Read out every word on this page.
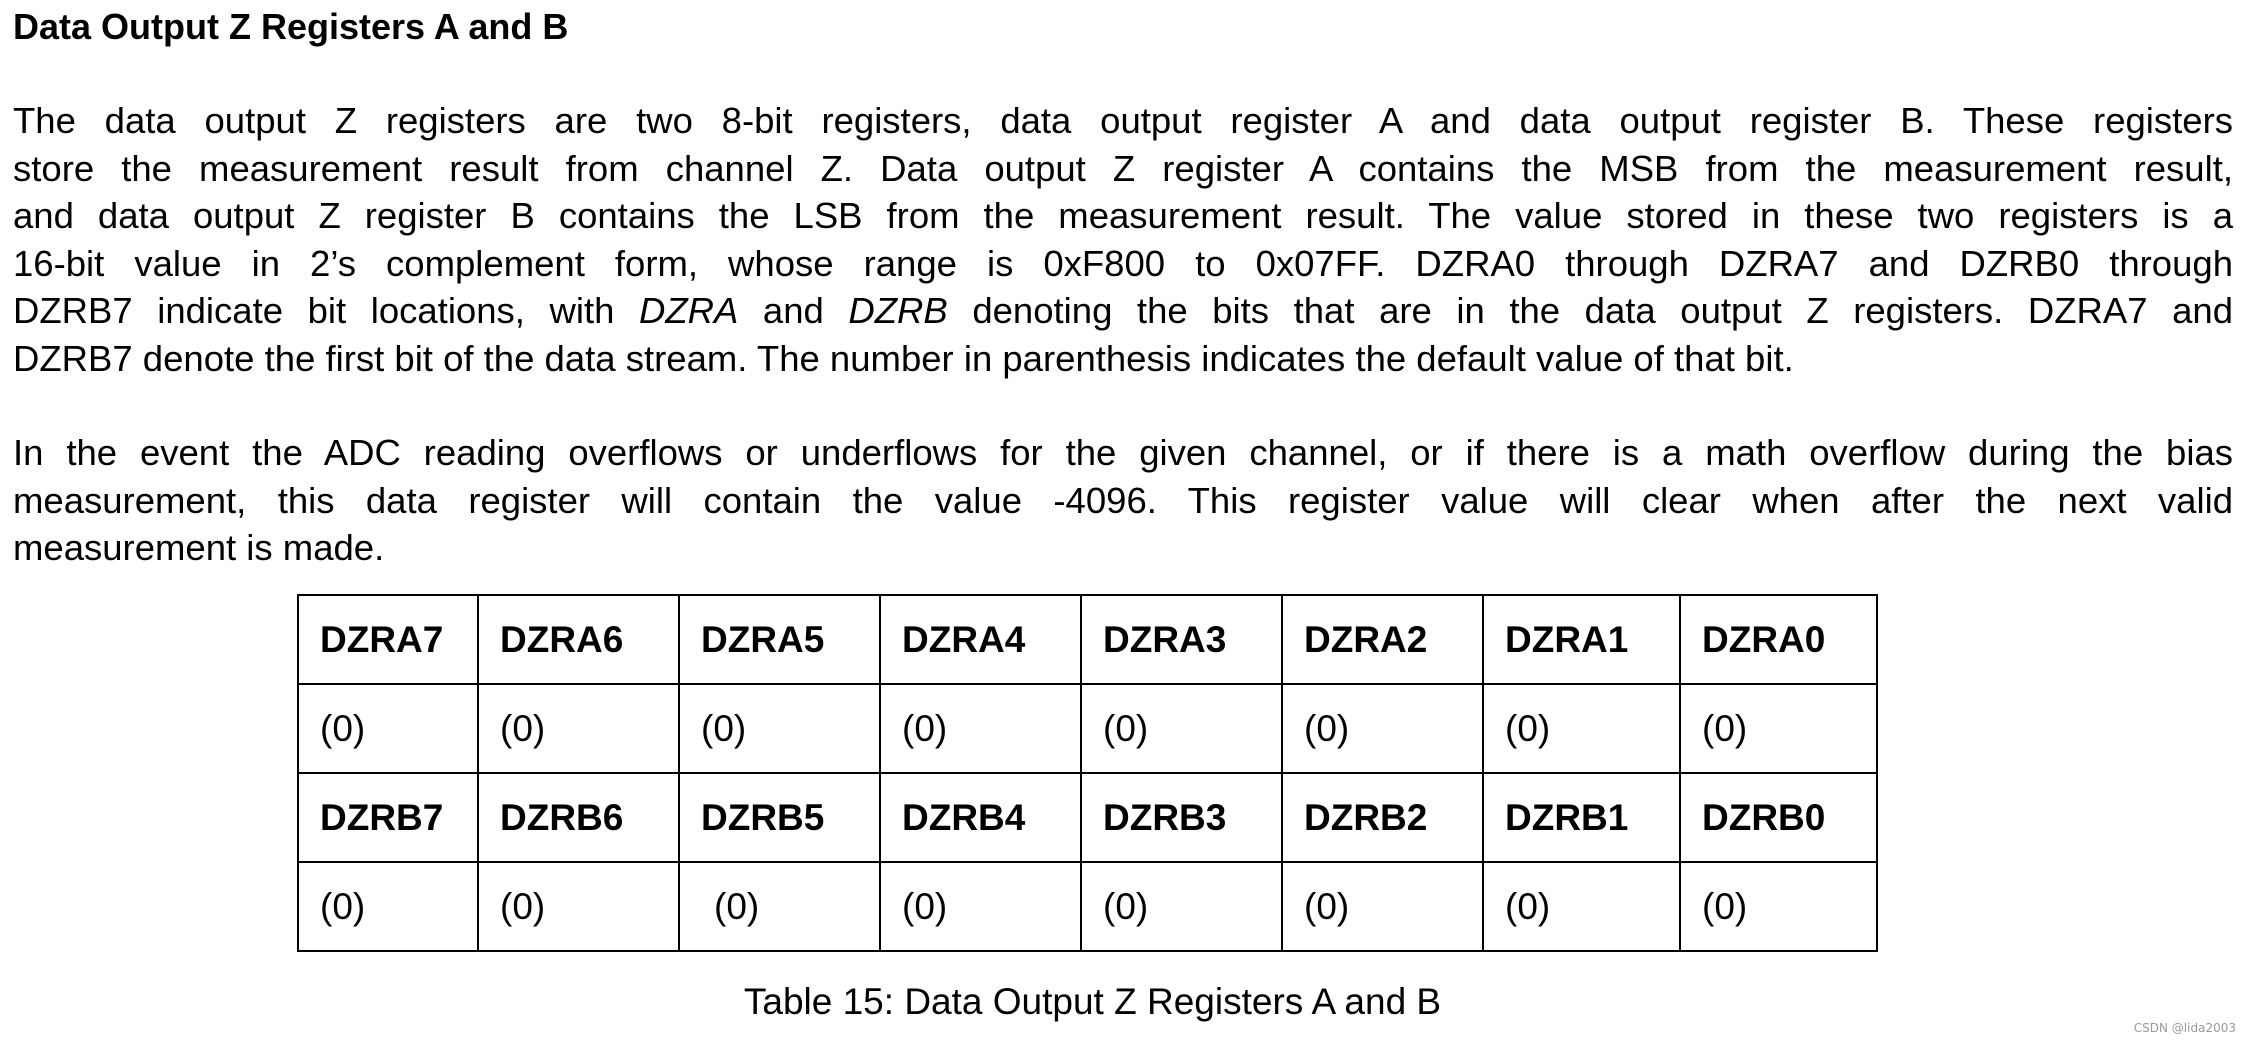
Data Output Z Registers A and B

The data output Z registers are two 8-bit registers, data output register A and data output register B. These registers
store the measurement result from channel Z. Data output Z register A contains the MSB from the measurement result,
and data output Z register B contains the LSB from the measurement result. The value stored in these two registers is a
16-bit value in 2’s complement form, whose range is 0xF800 to 0x07FF. DZRA0 through DZRA7 and DZRB0 through
DZRB7 indicate bit locations, with DZRA and DZRB denoting the bits that are in the data output Z registers. DZRA7 and
DZRB7 denote the first bit of the data stream. The number in parenthesis indicates the default value of that bit.

In the event the ADC reading overflows or underflows for the given channel, or if there is a math overflow during the bias
measurement, this data register will contain the value -4096. This register value will clear when after the next valid
measurement is made.

DZRA7	DZRA6	DZRA5	DZRA4	DZRA3	DZRA2	DZRA1	DZRA0
(0)	(0)	(0)	(0)	(0)	(0)	(0)	(0)
DZRB7	DZRB6	DZRB5	DZRB4	DZRB3	DZRB2	DZRB1	DZRB0
(0)	(0)	(0)	(0)	(0)	(0)	(0)	(0)

Table 15: Data Output Z Registers A and B

CSDN @lida2003
